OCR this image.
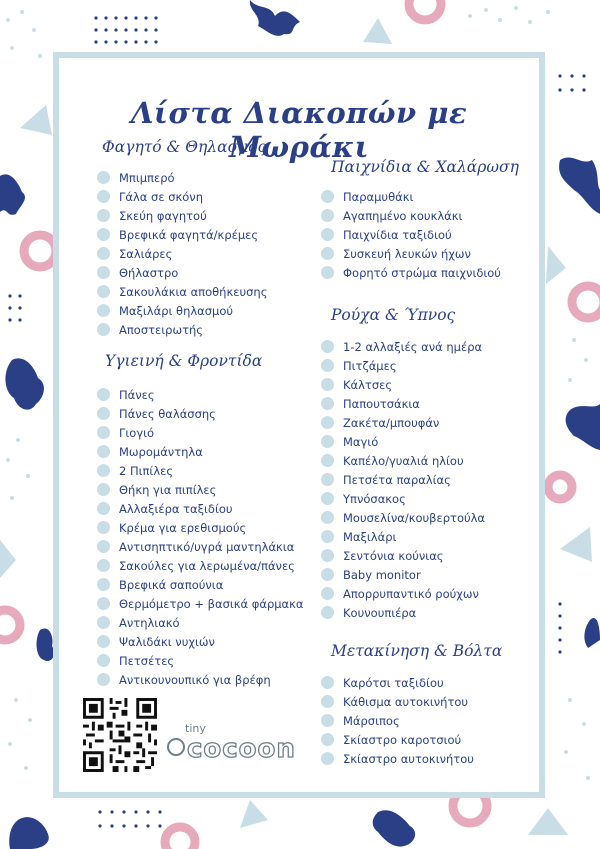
Λίστα Διακοπών με Μωράκι
Φαγητό & Θηλασμός
Μπιμπερό
Γάλα σε σκόνη
Σκεύη φαγητού
Βρεφικά φαγητά/κρέμες
Σαλιάρες
Θήλαστρο
Σακουλάκια αποθήκευσης
Μαξιλάρι θηλασμού
Αποστειρωτής
Υγιεινή & Φροντίδα
Πάνες
Πάνες θαλάσσης
Γιογιό
Μωρομάντηλα
2 Πιπίλες
Θήκη για πιπίλες
Αλλαξιέρα ταξιδίου
Κρέμα για ερεθισμούς
Αντισηπτικό/υγρά μαντηλάκια
Σακούλες για λερωμένα/πάνες
Βρεφικά σαπούνια
Θερμόμετρο + βασικά φάρμακα
Αντηλιακό
Ψαλιδάκι νυχιών
Πετσέτες
Αντικουνουπικό για βρέφη
Παιχνίδια & Χαλάρωση
Παραμυθάκι
Αγαπημένο κουκλάκι
Παιχνίδια ταξιδιού
Συσκευή λευκών ήχων
Φορητό στρώμα παιχνιδιού
Ρούχα & Ύπνος
1-2 αλλαξιές ανά ημέρα
Πιτζάμες
Κάλτσες
Παπουτσάκια
Ζακέτα/μπουφάν
Μαγιό
Καπέλο/γυαλιά ηλίου
Πετσέτα παραλίας
Υπνόσακος
Μουσελίνα/κουβερτούλα
Μαξιλάρι
Σεντόνια κούνιας
Baby monitor
Απορρυπαντικό ρούχων
Κουνουπιέρα
Μετακίνηση & Βόλτα
Καρότσι ταξιδίου
Κάθισμα αυτοκινήτου
Μάρσιπος
Σκίαστρο καροτσιού
Σκίαστρο αυτοκινήτου
tiny
cocoon
